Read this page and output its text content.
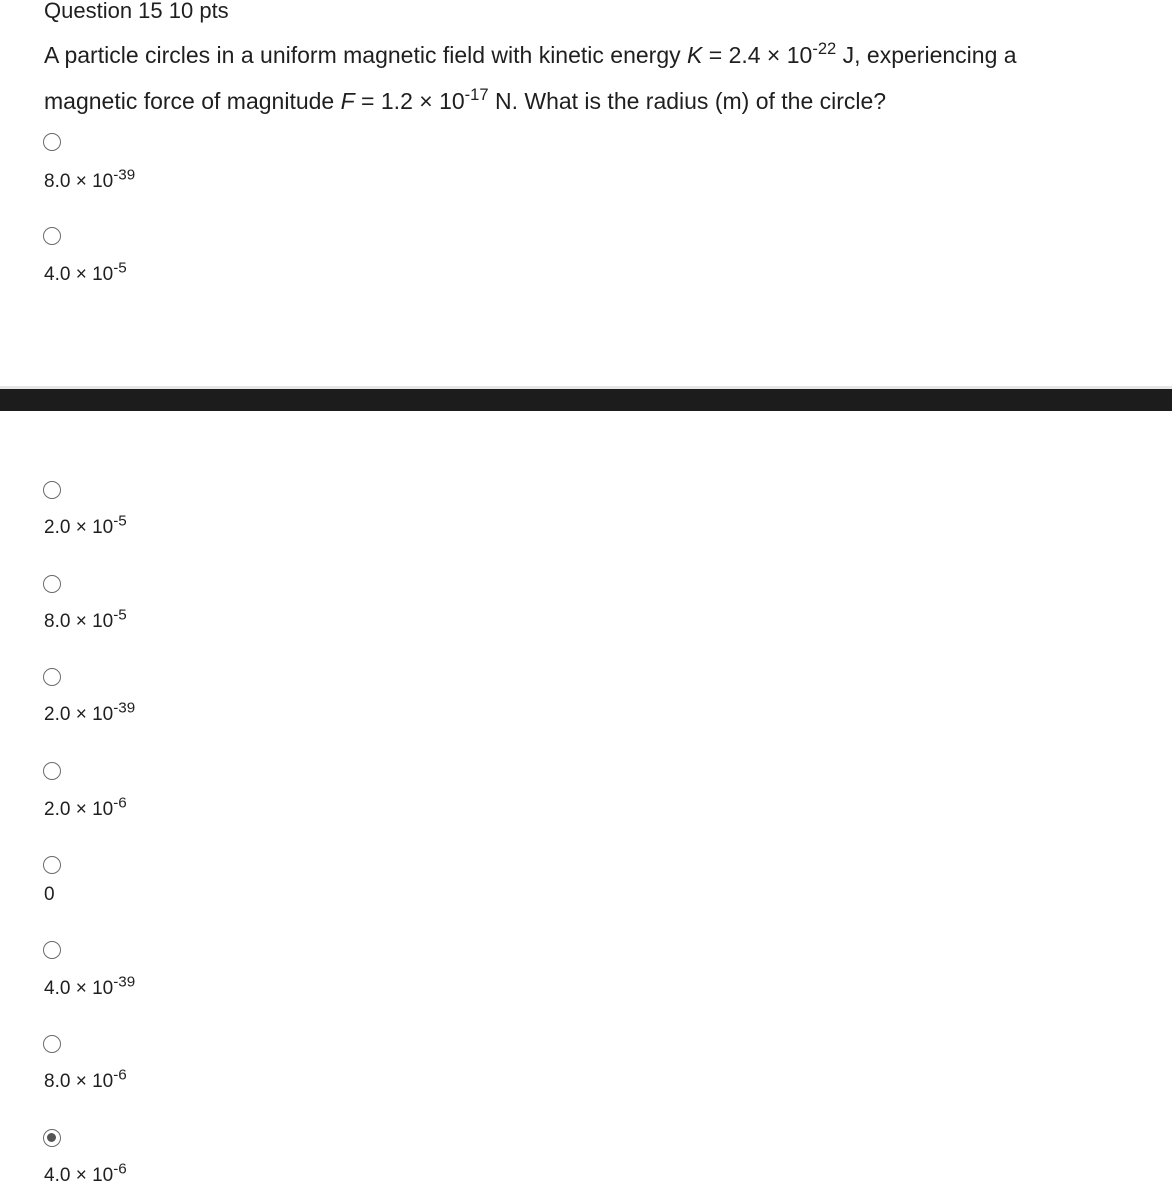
Question 15 10 pts
A particle circles in a uniform magnetic field with kinetic energy $K = 2.4 \times 10^{-22}$ J, experiencing a
magnetic force of magnitude $F = 1.2 \times 10^{-17}$ N. What is the radius (m) of the circle?
$8.0 \times 10^{-39}$
$4.0 \times 10^{-5}$
$2.0 \times 10^{-5}$
$8.0 \times 10^{-5}$
$2.0 \times 10^{-39}$
$2.0 \times 10^{-6}$
0
$4.0 \times 10^{-39}$
$8.0 \times 10^{-6}$
$4.0 \times 10^{-6}$
